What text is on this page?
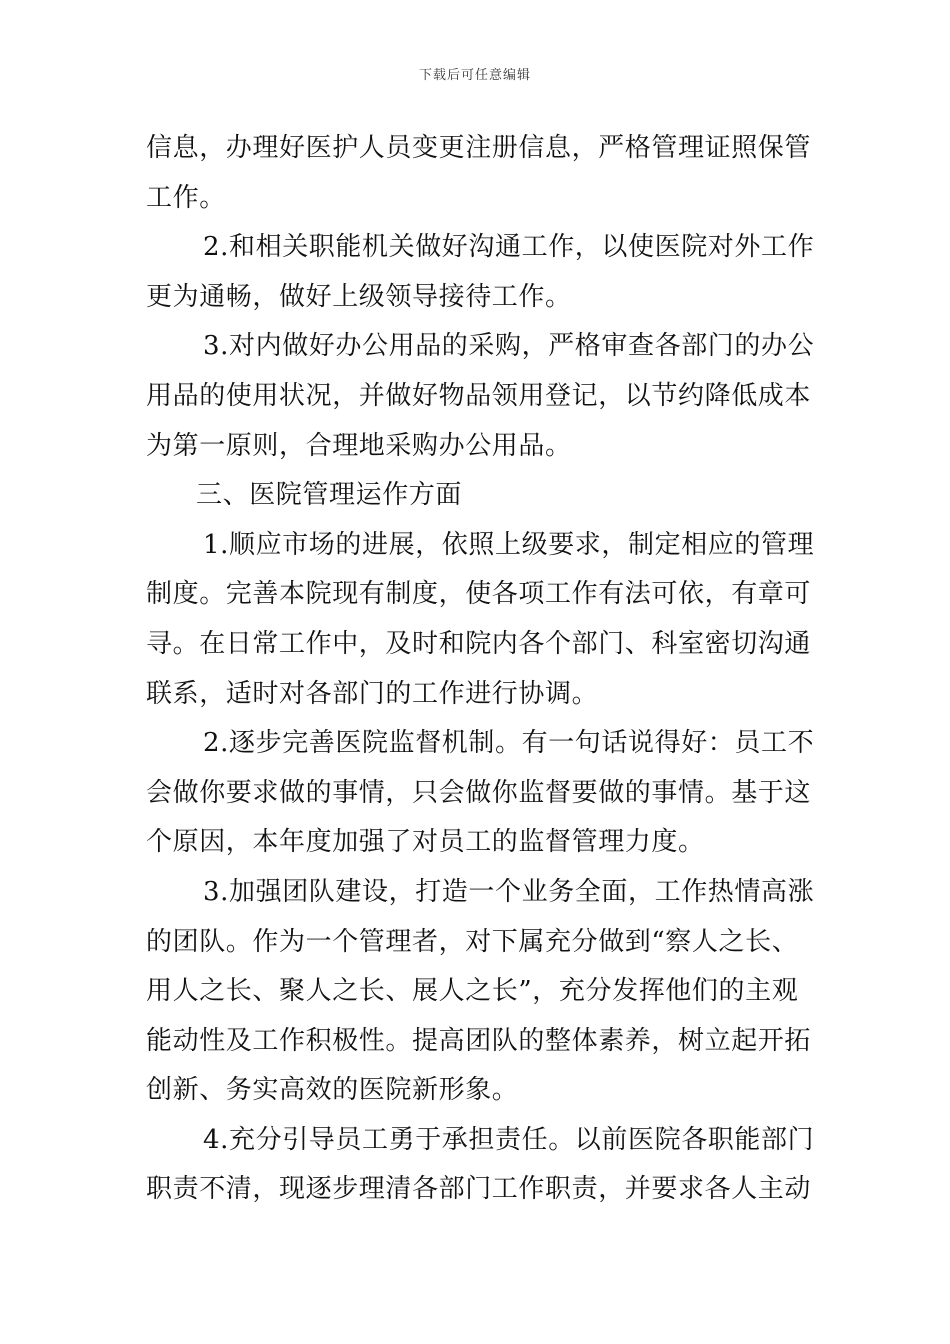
下载后可任意编辑
信息，办理好医护人员变更注册信息，严格管理证照保管
工作。
2.和相关职能机关做好沟通工作，以使医院对外工作
更为通畅，做好上级领导接待工作。
3.对内做好办公用品的采购，严格审查各部门的办公
用品的使用状况，并做好物品领用登记，以节约降低成本
为第一原则，合理地采购办公用品。
三、医院管理运作方面
1.顺应市场的进展，依照上级要求，制定相应的管理
制度。完善本院现有制度，使各项工作有法可依，有章可
寻。在日常工作中，及时和院内各个部门、科室密切沟通
联系，适时对各部门的工作进行协调。
2.逐步完善医院监督机制。有一句话说得好：员工不
会做你要求做的事情，只会做你监督要做的事情。基于这
个原因，本年度加强了对员工的监督管理力度。
3.加强团队建设，打造一个业务全面，工作热情高涨
的团队。作为一个管理者，对下属充分做到“察人之长、
用人之长、聚人之长、展人之长”，充分发挥他们的主观
能动性及工作积极性。提高团队的整体素养，树立起开拓
创新、务实高效的医院新形象。
4.充分引导员工勇于承担责任。以前医院各职能部门
职责不清，现逐步理清各部门工作职责，并要求各人主动
